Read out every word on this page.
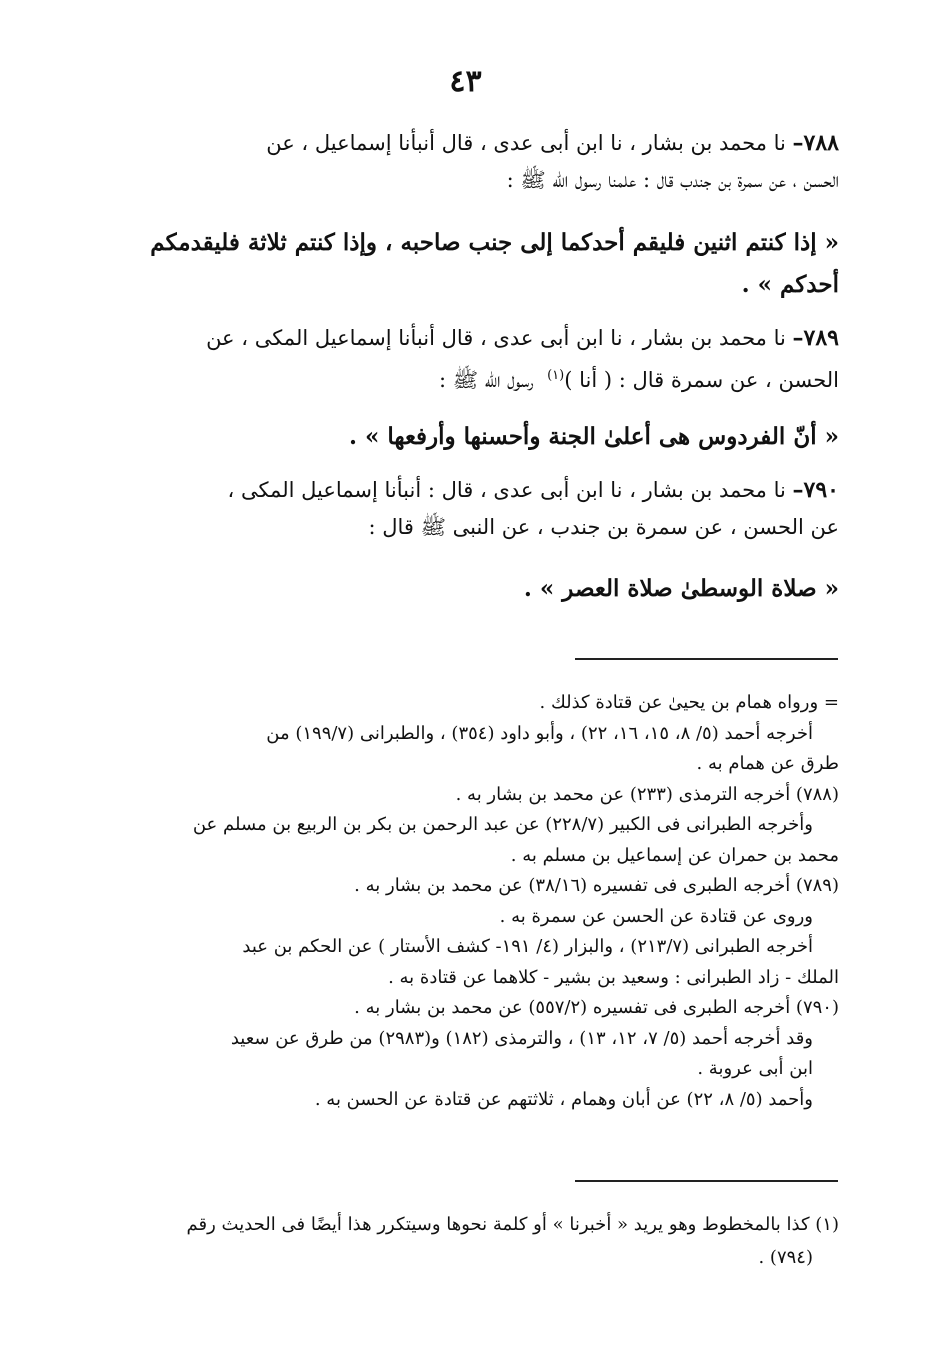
٤٣
٧٨٨– نا محمد بن بشار ، نا ابن أبى عدى ، قال أنبأنا إسماعيل ، عن
الحسن ، عن سمرة بن جندب قال : علمنا رسول الله ﷺ :
« إذا كنتم اثنين فليقم أحدكما إلى جنب صاحبه ، وإذا كنتم ثلاثة فليقدمكم
أحدكم » .
٧٨٩– نا محمد بن بشار ، نا ابن أبى عدى ، قال أنبأنا إسماعيل المكى ، عن
الحسن ، عن سمرة قال : ( أنا )$^{(١)}$  رسول الله ﷺ :
« أنّ الفردوس هى أعلىٰ الجنة وأحسنها وأرفعها » .
٧٩٠– نا محمد بن بشار ، نا ابن أبى عدى ، قال : أنبأنا إسماعيل المكى ،
عن الحسن ، عن سمرة بن جندب ، عن النبى ﷺ قال :
« صلاة الوسطىٰ صلاة العصر » .
= ورواه همام بن يحيىٰ عن قتادة كذلك .
أخرجه أحمد (٥/ ٨، ١٥، ١٦، ٢٢) ، وأبو داود (٣٥٤) ، والطبرانى (١٩٩/٧) من
طرق عن همام به .
(٧٨٨) أخرجه الترمذى (٢٣٣) عن محمد بن بشار به .
وأخرجه الطبرانى فى الكبير (٢٢٨/٧) عن عبد الرحمن بن بكر بن الربيع بن مسلم عن
محمد بن حمران عن إسماعيل بن مسلم به .
(٧٨٩) أخرجه الطبرى فى تفسيره (٣٨/١٦) عن محمد بن بشار به .
وروى عن قتادة عن الحسن عن سمرة به .
أخرجه الطبرانى (٢١٣/٧) ، والبزار (٤/ ١٩١- كشف الأستار ) عن الحكم بن عبد
الملك - زاد الطبرانى : وسعيد بن بشير - كلاهما عن قتادة به .
(٧٩٠) أخرجه الطبرى فى تفسيره (٥٥٧/٢) عن محمد بن بشار به .
وقد أخرجه أحمد (٥/ ٧، ١٢، ١٣) ، والترمذى (١٨٢) و(٢٩٨٣) من طرق عن سعيد
ابن أبى عروبة .
وأحمد (٥/ ٨، ٢٢) عن أبان وهمام ، ثلاثتهم عن قتادة عن الحسن به .
(١) كذا بالمخطوط وهو يريد « أخبرنا » أو كلمة نحوها وسيتكرر هذا أيضًا فى الحديث رقم
(٧٩٤) .
